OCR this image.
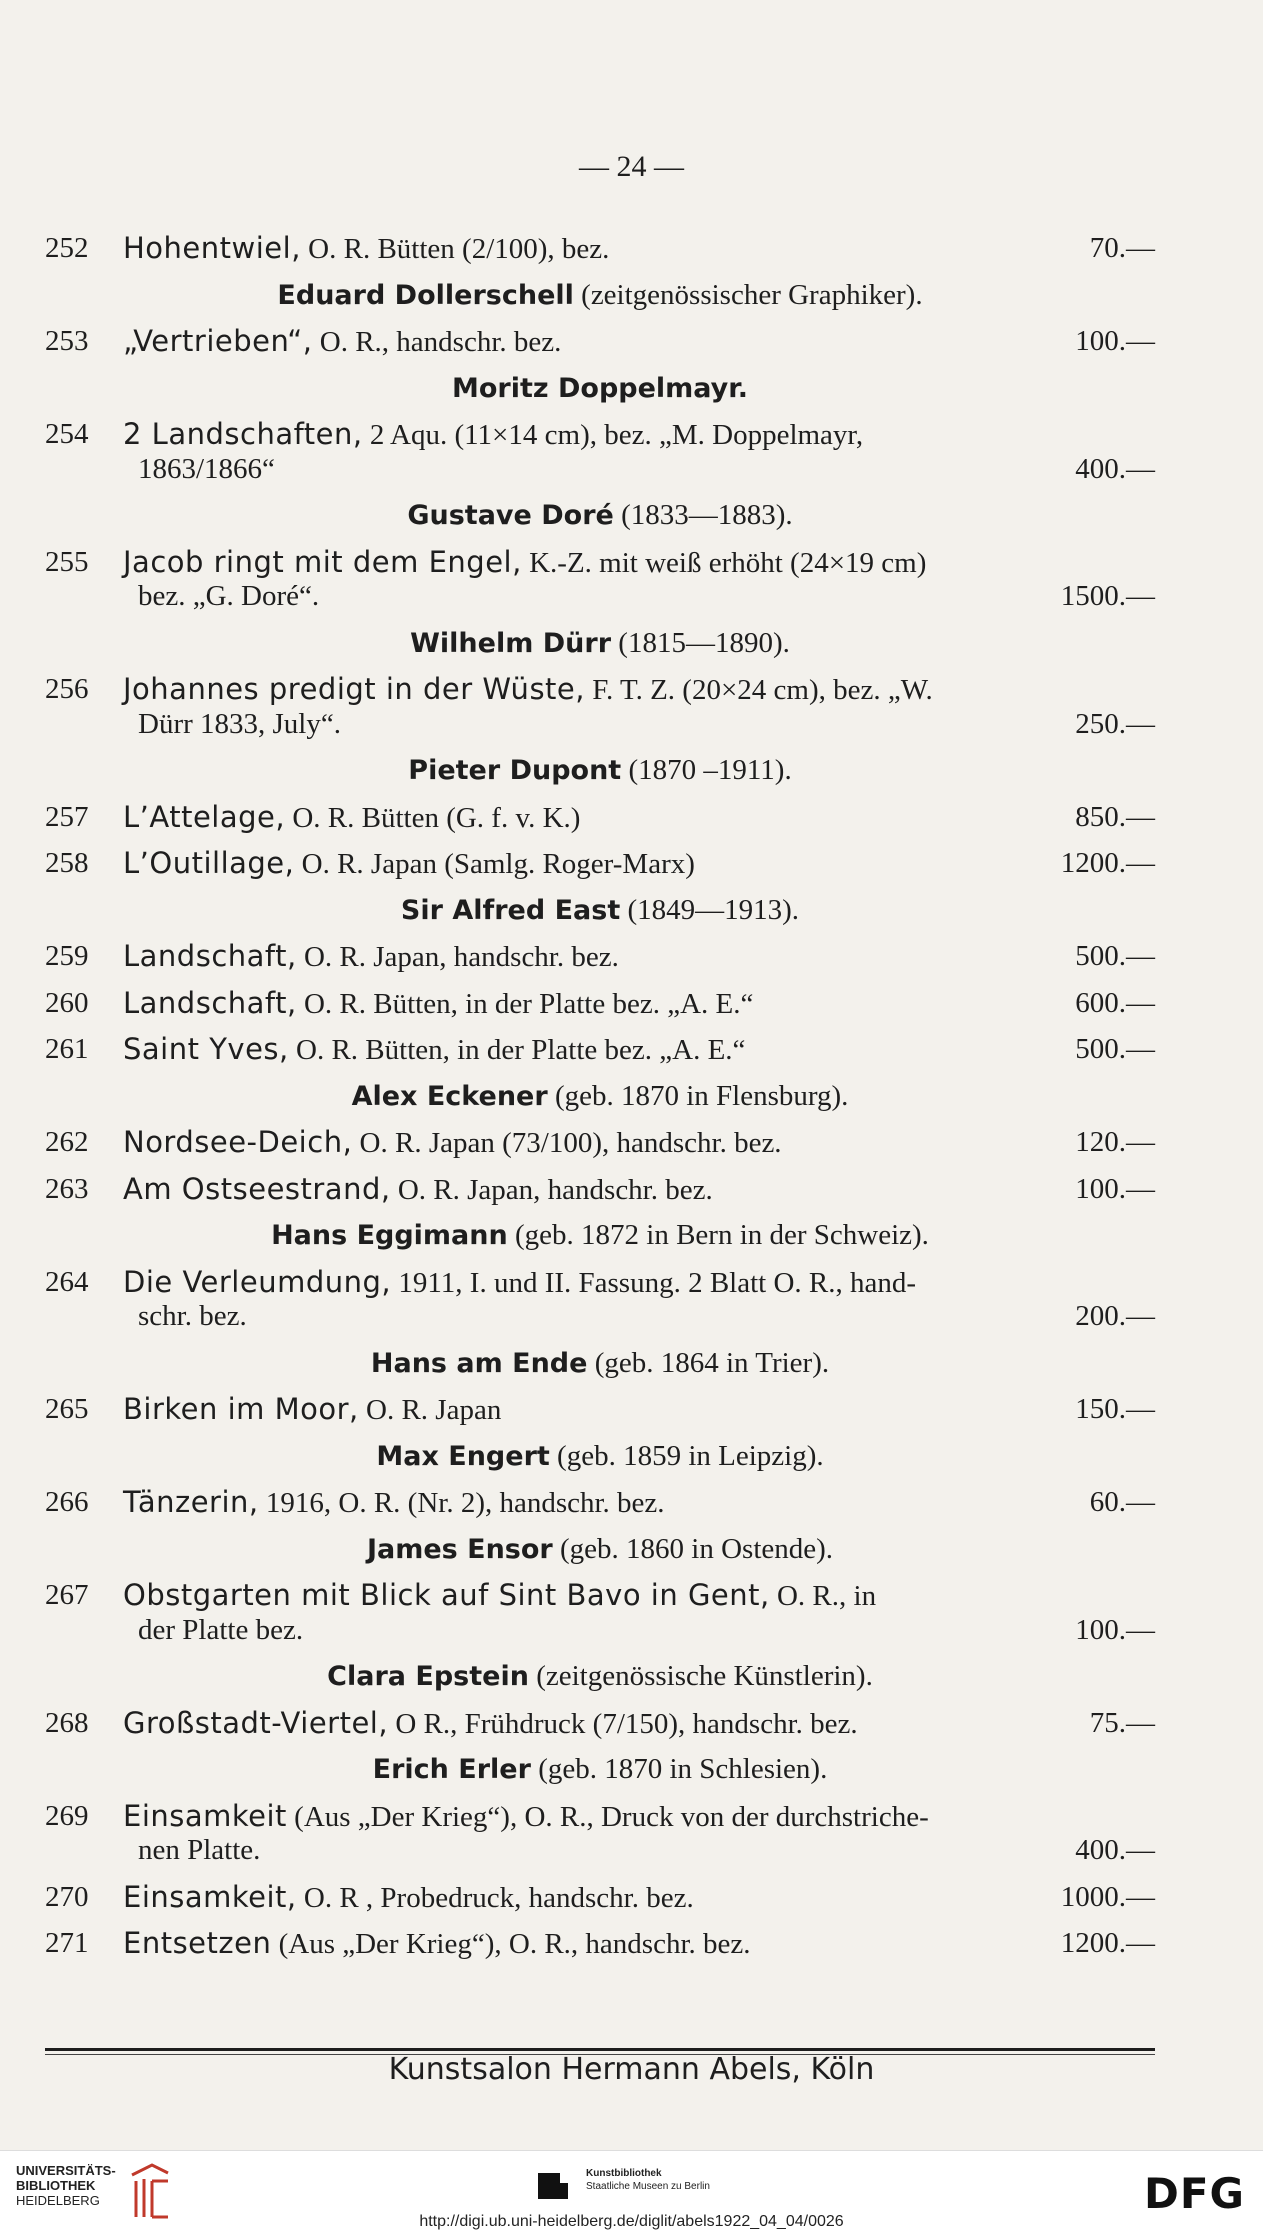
— 24 —
252	Hohentwiel, O. R. Bütten (2/100), bez.	70.—
Eduard Dollerschell (zeitgenössischer Graphiker).
253	„Vertrieben“, O. R., handschr. bez.	100.—
Moritz Doppelmayr.
254	2 Landschaften, 2 Aqu. (11×14 cm), bez. „M. Doppelmayr,
1863/1866“	400.—
Gustave Doré (1833—1883).
255	Jacob ringt mit dem Engel, K.-Z. mit weiß erhöht (24×19 cm)
bez. „G. Doré“.	1500.—
Wilhelm Dürr (1815—1890).
256	Johannes predigt in der Wüste, F. T. Z. (20×24 cm), bez. „W.
Dürr 1833, July“.	250.—
Pieter Dupont (1870 –1911).
257	L’Attelage, O. R. Bütten (G. f. v. K.)	850.—
258	L’Outillage, O. R. Japan (Samlg. Roger-Marx)	1200.—
Sir Alfred East (1849—1913).
259	Landschaft, O. R. Japan, handschr. bez.	500.—
260	Landschaft, O. R. Bütten, in der Platte bez. „A. E.“	600.—
261	Saint Yves, O. R. Bütten, in der Platte bez. „A. E.“	500.—
Alex Eckener (geb. 1870 in Flensburg).
262	Nordsee-Deich, O. R. Japan (73/100), handschr. bez.	120.—
263	Am Ostseestrand, O. R. Japan, handschr. bez.	100.—
Hans Eggimann (geb. 1872 in Bern in der Schweiz).
264	Die Verleumdung, 1911, I. und II. Fassung. 2 Blatt O. R., hand-
schr. bez.	200.—
Hans am Ende (geb. 1864 in Trier).
265	Birken im Moor, O. R. Japan	150.—
Max Engert (geb. 1859 in Leipzig).
266	Tänzerin, 1916, O. R. (Nr. 2), handschr. bez.	60.—
James Ensor (geb. 1860 in Ostende).
267	Obstgarten mit Blick auf Sint Bavo in Gent, O. R., in
der Platte bez.	100.—
Clara Epstein (zeitgenössische Künstlerin).
268	Großstadt-Viertel, O R., Frühdruck (7/150), handschr. bez.	75.—
Erich Erler (geb. 1870 in Schlesien).
269	Einsamkeit (Aus „Der Krieg“), O. R., Druck von der durchstriche-
nen Platte.	400.—
270	Einsamkeit, O. R , Probedruck, handschr. bez.	1000.—
271	Entsetzen (Aus „Der Krieg“), O. R., handschr. bez.	1200.—
Kunstsalon Hermann Abels, Köln
UNIVERSITÄTS-
BIBLIOTHEK
HEIDELBERG
Kunstbibliothek
Staatliche Museen zu Berlin	DFG
http://digi.ub.uni-heidelberg.de/diglit/abels1922_04_04/0026
